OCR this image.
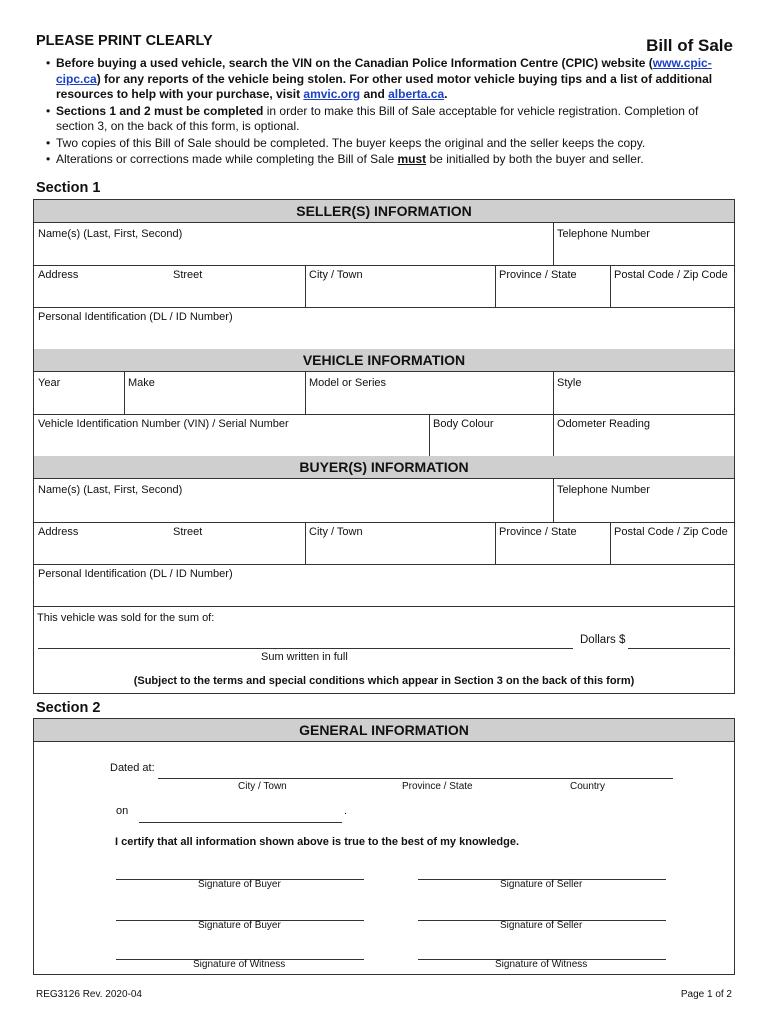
PLEASE PRINT CLEARLY	Bill of Sale
• Before buying a used vehicle, search the VIN on the Canadian Police Information Centre (CPIC) website (www.cpic-cipc.ca) for any reports of the vehicle being stolen. For other used motor vehicle buying tips and a list of additional resources to help with your purchase, visit amvic.org and alberta.ca.
• Sections 1 and 2 must be completed in order to make this Bill of Sale acceptable for vehicle registration. Completion of section 3, on the back of this form, is optional.
• Two copies of this Bill of Sale should be completed. The buyer keeps the original and the seller keeps the copy.
• Alterations or corrections made while completing the Bill of Sale must be initialled by both the buyer and seller.
Section 1
SELLER(S) INFORMATION
Name(s) (Last, First, Second)	Telephone Number
Address	Street	City / Town	Province / State	Postal Code / Zip Code
Personal Identification (DL / ID Number)
VEHICLE INFORMATION
Year	Make	Model or Series	Style
Vehicle Identification Number (VIN) / Serial Number	Body Colour	Odometer Reading
BUYER(S) INFORMATION
Name(s) (Last, First, Second)	Telephone Number
Address	Street	City / Town	Province / State	Postal Code / Zip Code
Personal Identification (DL / ID Number)
This vehicle was sold for the sum of:
Dollars $
Sum written in full
(Subject to the terms and special conditions which appear in Section 3 on the back of this form)
Section 2
GENERAL INFORMATION
Dated at:
City / Town	Province / State	Country
on	.
I certify that all information shown above is true to the best of my knowledge.
Signature of Buyer	Signature of Seller
Signature of Buyer	Signature of Seller
Signature of Witness	Signature of Witness
REG3126 Rev. 2020-04	Page 1 of 2
